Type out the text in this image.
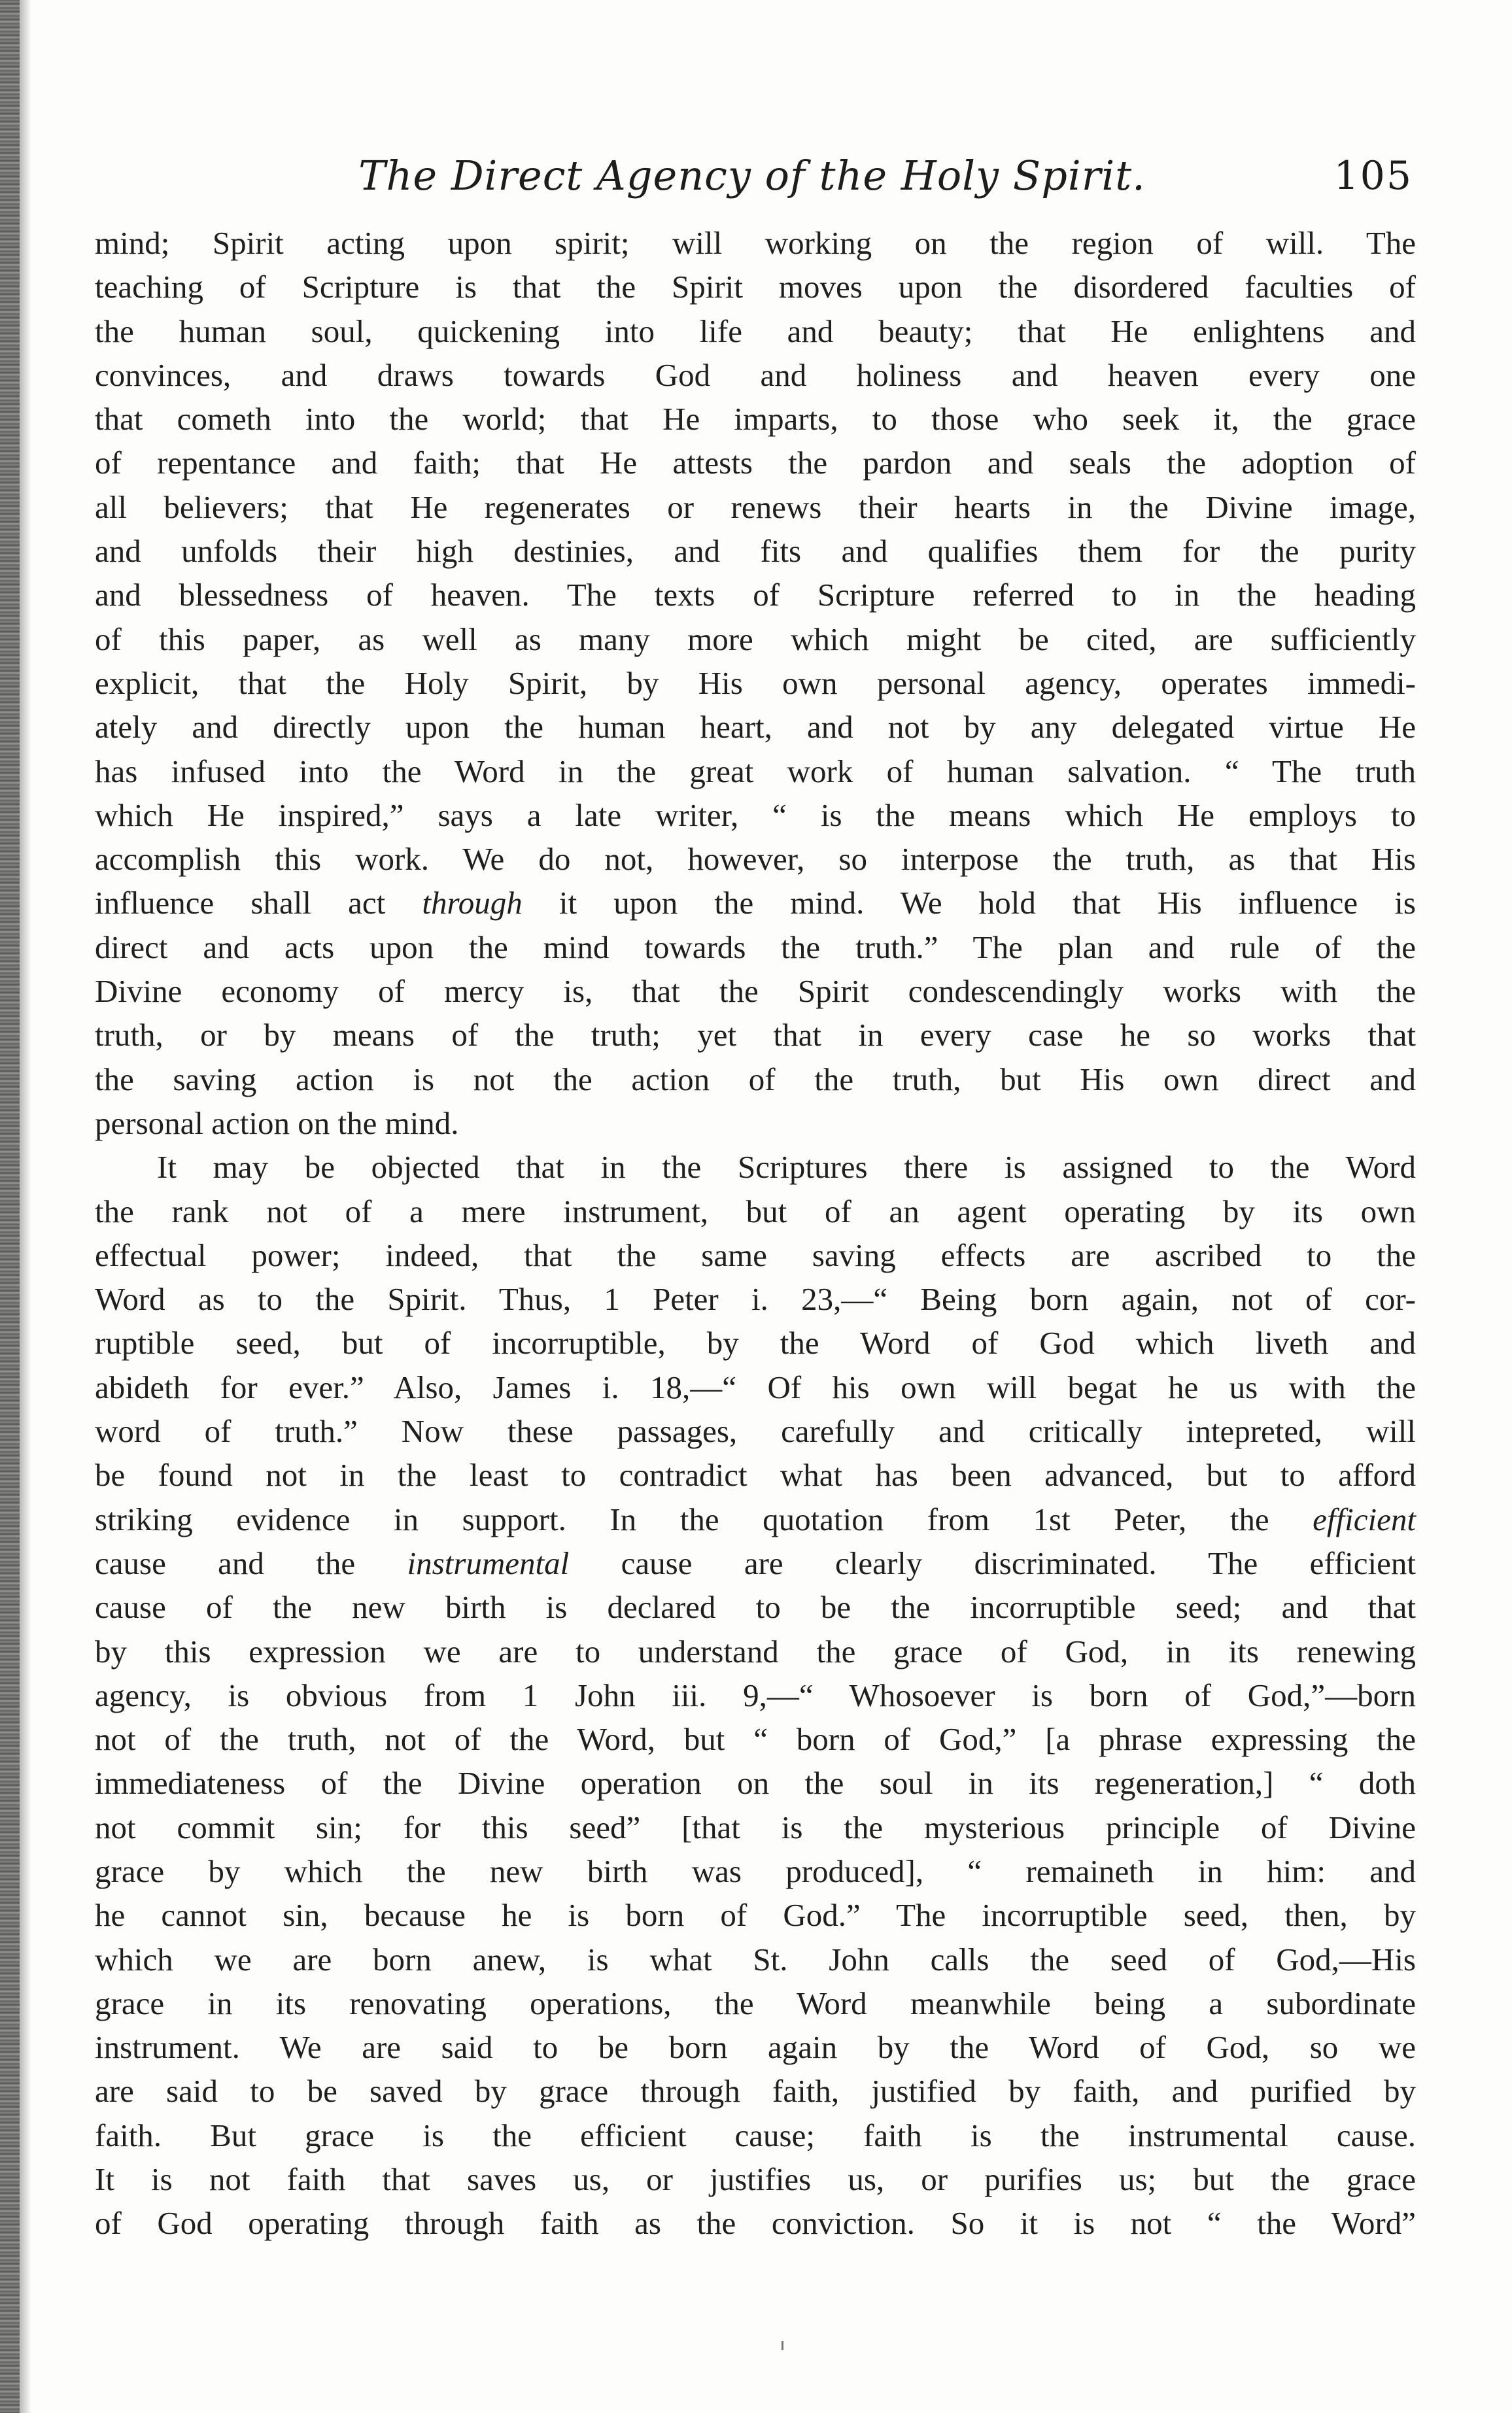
The Direct Agency of the Holy Spirit.	105
mind; Spirit acting upon spirit; will working on the region of will. The
teaching of Scripture is that the Spirit moves upon the disordered faculties of
the human soul, quickening into life and beauty; that He enlightens and
convinces, and draws towards God and holiness and heaven every one
that cometh into the world; that He imparts, to those who seek it, the grace
of repentance and faith; that He attests the pardon and seals the adoption of
all believers; that He regenerates or renews their hearts in the Divine image,
and unfolds their high destinies, and fits and qualifies them for the purity
and blessedness of heaven. The texts of Scripture referred to in the heading
of this paper, as well as many more which might be cited, are sufficiently
explicit, that the Holy Spirit, by His own personal agency, operates immedi-
ately and directly upon the human heart, and not by any delegated virtue He
has infused into the Word in the great work of human salvation. “ The truth
which He inspired,” says a late writer, “ is the means which He employs to
accomplish this work. We do not, however, so interpose the truth, as that His
influence shall act through it upon the mind. We hold that His influence is
direct and acts upon the mind towards the truth.” The plan and rule of the
Divine economy of mercy is, that the Spirit condescendingly works with the
truth, or by means of the truth; yet that in every case he so works that
the saving action is not the action of the truth, but His own direct and
personal action on the mind.
It may be objected that in the Scriptures there is assigned to the Word
the rank not of a mere instrument, but of an agent operating by its own
effectual power; indeed, that the same saving effects are ascribed to the
Word as to the Spirit. Thus, 1 Peter i. 23,—“ Being born again, not of cor-
ruptible seed, but of incorruptible, by the Word of God which liveth and
abideth for ever.” Also, James i. 18,—“ Of his own will begat he us with the
word of truth.” Now these passages, carefully and critically intepreted, will
be found not in the least to contradict what has been advanced, but to afford
striking evidence in support. In the quotation from 1st Peter, the efficient
cause and the instrumental cause are clearly discriminated. The efficient
cause of the new birth is declared to be the incorruptible seed; and that
by this expression we are to understand the grace of God, in its renewing
agency, is obvious from 1 John iii. 9,—“ Whosoever is born of God,”—born
not of the truth, not of the Word, but “ born of God,” [a phrase expressing the
immediateness of the Divine operation on the soul in its regeneration,] “ doth
not commit sin; for this seed” [that is the mysterious principle of Divine
grace by which the new birth was produced], “ remaineth in him: and
he cannot sin, because he is born of God.” The incorruptible seed, then, by
which we are born anew, is what St. John calls the seed of God,—His
grace in its renovating operations, the Word meanwhile being a subordinate
instrument. We are said to be born again by the Word of God, so we
are said to be saved by grace through faith, justified by faith, and purified by
faith. But grace is the efficient cause; faith is the instrumental cause.
It is not faith that saves us, or justifies us, or purifies us; but the grace
of God operating through faith as the conviction. So it is not “ the Word”
